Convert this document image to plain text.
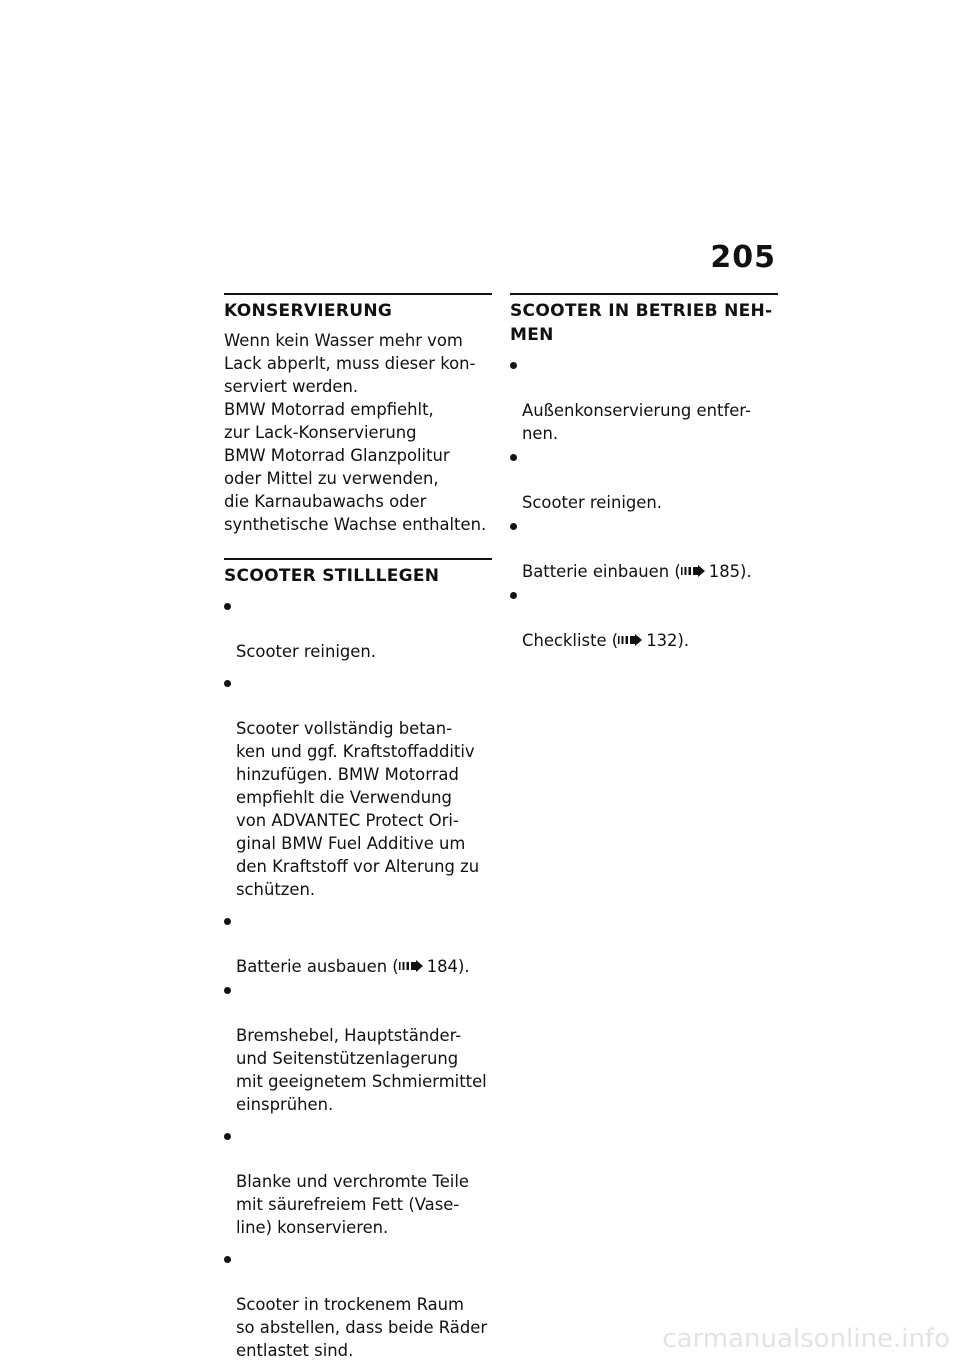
205
KONSERVIERUNG

Wenn kein Wasser mehr vom
Lack abperlt, muss dieser kon-
serviert werden.

BMW Motorrad empfiehlt,
zur Lack-Konservierung
BMW Motorrad Glanzpolitur
oder Mittel zu verwenden,
die Karnaubawachs oder
synthetische Wachse enthalten.

SCOOTER STILLLEGEN

Scooter reinigen.

Scooter vollständig betan-
ken und ggf. Kraftstoffadditiv
hinzufügen. BMW Motorrad
empfiehlt die Verwendung
von ADVANTEC Protect Ori-
ginal BMW Fuel Additive um
den Kraftstoff vor Alterung zu
schützen.

Batterie ausbauen ( 184).

Bremshebel, Hauptständer-
und Seitenstützenlagerung
mit geeignetem Schmiermittel
einsprühen.

Blanke und verchromte Teile
mit säurefreiem Fett (Vase-
line) konservieren.

Scooter in trockenem Raum
so abstellen, dass beide Räder
entlastet sind.

SCOOTER IN BETRIEB NEH-
MEN

Außenkonservierung entfer-
nen.

Scooter reinigen.

Batterie einbauen ( 185).

Checkliste ( 132).

carmanualsonline.info
